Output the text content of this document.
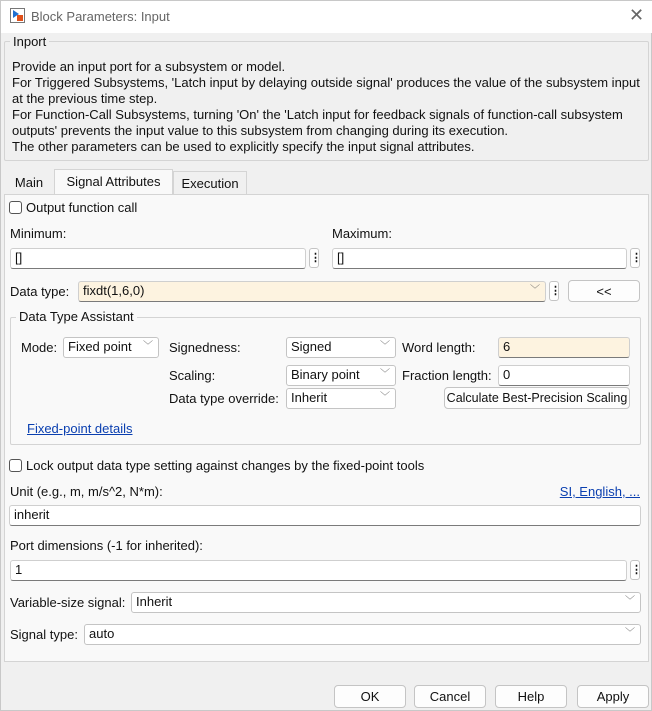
Block Parameters: Input	✕
Inport
Provide an input port for a subsystem or model.
For Triggered Subsystems, 'Latch input by delaying outside signal' produces the value of the subsystem input
at the previous time step.
For Function-Call Subsystems, turning 'On' the 'Latch input for feedback signals of function-call subsystem
outputs' prevents the input value to this subsystem from changing during its execution.
The other parameters can be used to explicitly specify the input signal attributes.
Main	Signal Attributes	Execution
Output function call
Minimum:
[]	⋮
Maximum:
[]	⋮
Data type:	fixdt(1,6,0)	﹀ ⋮	<<
Data Type Assistant
Mode: Fixed point ﹀ Signedness:	Signed	﹀ Word length:	6
Scaling:	Binary point ﹀ Fraction length: 0
Data type override: Inherit	﹀	Calculate Best-Precision Scaling
Fixed-point details
Lock output data type setting against changes by the fixed-point tools
Unit (e.g., m, m/s^2, N*m):	SI, English, ...
inherit
Port dimensions (-1 for inherited):
1	⋮
Variable-size signal: Inherit	﹀
Signal type: auto	﹀
OK	Cancel	Help	Apply
